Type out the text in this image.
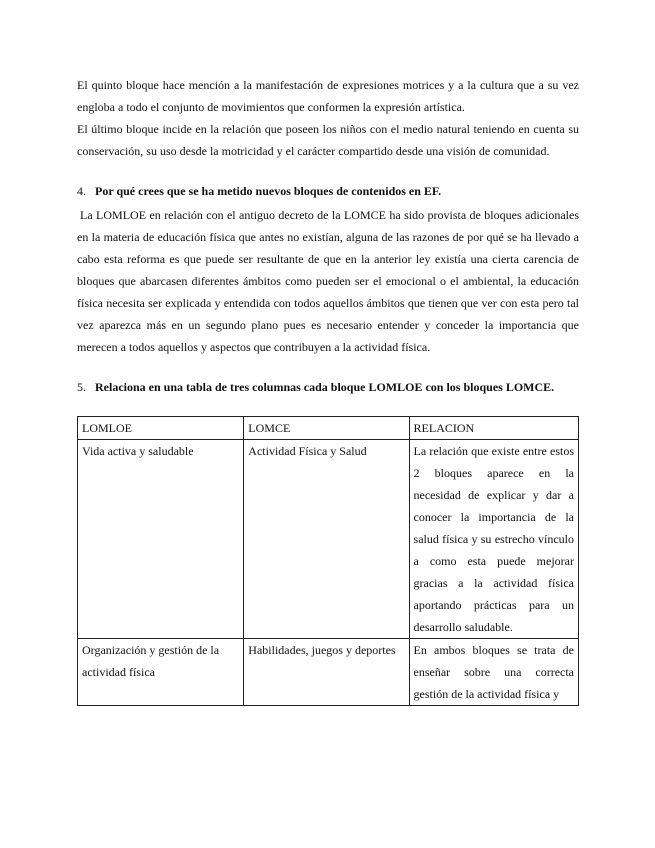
El quinto bloque hace mención a la manifestación de expresiones motrices y a la cultura que a su vez engloba a todo el conjunto de movimientos que conformen la expresión artística.

El último bloque incide en la relación que poseen los niños con el medio natural teniendo en cuenta su conservación, su uso desde la motricidad y el carácter compartido desde una visión de comunidad.

4. Por qué crees que se ha metido nuevos bloques de contenidos en EF.

La LOMLOE en relación con el antiguo decreto de la LOMCE ha sido provista de bloques adicionales en la materia de educación física que antes no existían, alguna de las razones de por qué se ha llevado a cabo esta reforma es que puede ser resultante de que en la anterior ley existía una cierta carencia de bloques que abarcasen diferentes ámbitos como pueden ser el emocional o el ambiental, la educación física necesita ser explicada y entendida con todos aquellos ámbitos que tienen que ver con esta pero tal vez aparezca más en un segundo plano pues es necesario entender y conceder la importancia que merecen a todos aquellos y aspectos que contribuyen a la actividad física.

5. Relaciona en una tabla de tres columnas cada bloque LOMLOE con los bloques LOMCE.
LOMLOE	LOMCE	RELACION
Vida activa y saludable	Actividad Física y Salud	La relación que existe entre estos 2 bloques aparece en la necesidad de explicar y dar a conocer la importancia de la salud física y su estrecho vínculo a como esta puede mejorar gracias a la actividad física aportando prácticas para un desarrollo saludable.

Organización y gestión de la actividad física	Habilidades, juegos y deportes	En ambos bloques se trata de enseñar sobre una correcta gestión de la actividad física y
